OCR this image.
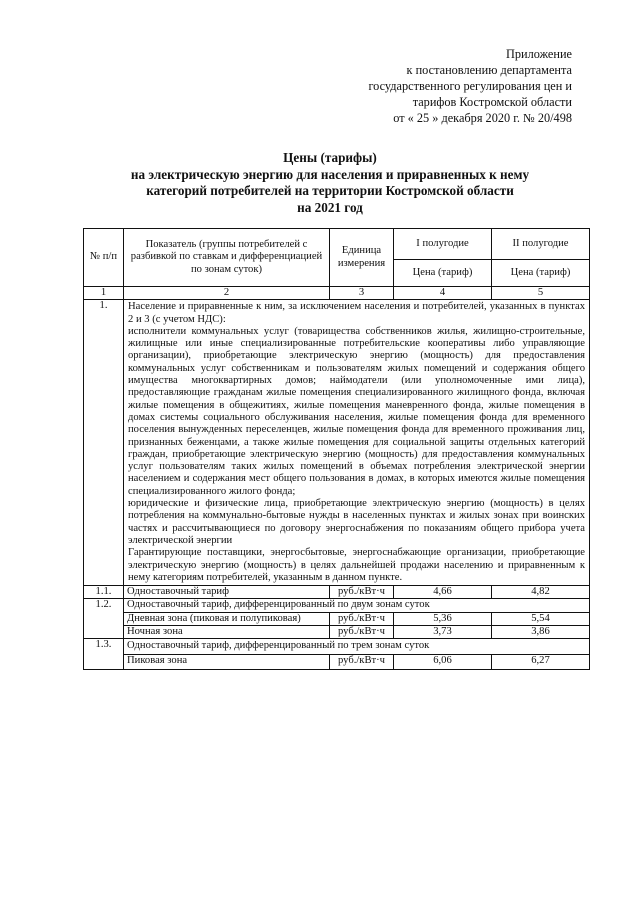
Приложение
к постановлению департамента
государственного регулирования цен и
тарифов Костромской области
от « 25 » декабря 2020 г. № 20/498
Цены (тарифы)
на электрическую энергию для населения и приравненных к нему
категорий потребителей на территории Костромской области
на 2021 год
№ п/п	Показатель (группы потребителей с разбивкой по ставкам и дифференциацией по зонам суток)	Единица измерения	I полугодие	II полугодие
			Цена (тариф)	Цена (тариф)
1	2	3	4	5
1.	Население и приравненные к ним, за исключением населения и потребителей, указанных в пунктах 2 и 3 (с учетом НДС):
исполнители коммунальных услуг (товарищества собственников жилья, жилищно-строительные, жилищные или иные специализированные потребительские кооперативы либо управляющие организации), приобретающие электрическую энергию (мощность) для предоставления коммунальных услуг собственникам и пользователям жилых помещений и содержания общего имущества многоквартирных домов; наймодатели (или уполномоченные ими лица), предоставляющие гражданам жилые помещения специализированного жилищного фонда, включая жилые помещения в общежитиях, жилые помещения маневренного фонда, жилые помещения в домах системы социального обслуживания населения, жилые помещения фонда для временного поселения вынужденных переселенцев, жилые помещения фонда для временного проживания лиц, признанных беженцами, а также жилые помещения для социальной защиты отдельных категорий граждан, приобретающие электрическую энергию (мощность) для предоставления коммунальных услуг пользователям таких жилых помещений в объемах потребления электрической энергии населением и содержания мест общего пользования в домах, в которых имеются жилые помещения специализированного жилого фонда;
юридические и физические лица, приобретающие электрическую энергию (мощность) в целях потребления на коммунально-бытовые нужды в населенных пунктах и жилых зонах при воинских частях и рассчитывающиеся по договору энергоснабжения по показаниям общего прибора учета электрической энергии
Гарантирующие поставщики, энергосбытовые, энергоснабжающие организации, приобретающие электрическую энергию (мощность) в целях дальнейшей продажи населению и приравненным к нему категориям потребителей, указанным в данном пункте.			

1.1.	Одноставочный тариф	руб./кВт·ч	4,66	4,82
1.2.	Одноставочный тариф, дифференцированный по двум зонам суток			
	Дневная зона (пиковая и полупиковая)	руб./кВт·ч	5,36	5,54
	Ночная зона	руб./кВт·ч	3,73	3,86
1.3.	Одноставочный тариф, дифференцированный по трем зонам суток			
	Пиковая зона	руб./кВт·ч	6,06	6,27
